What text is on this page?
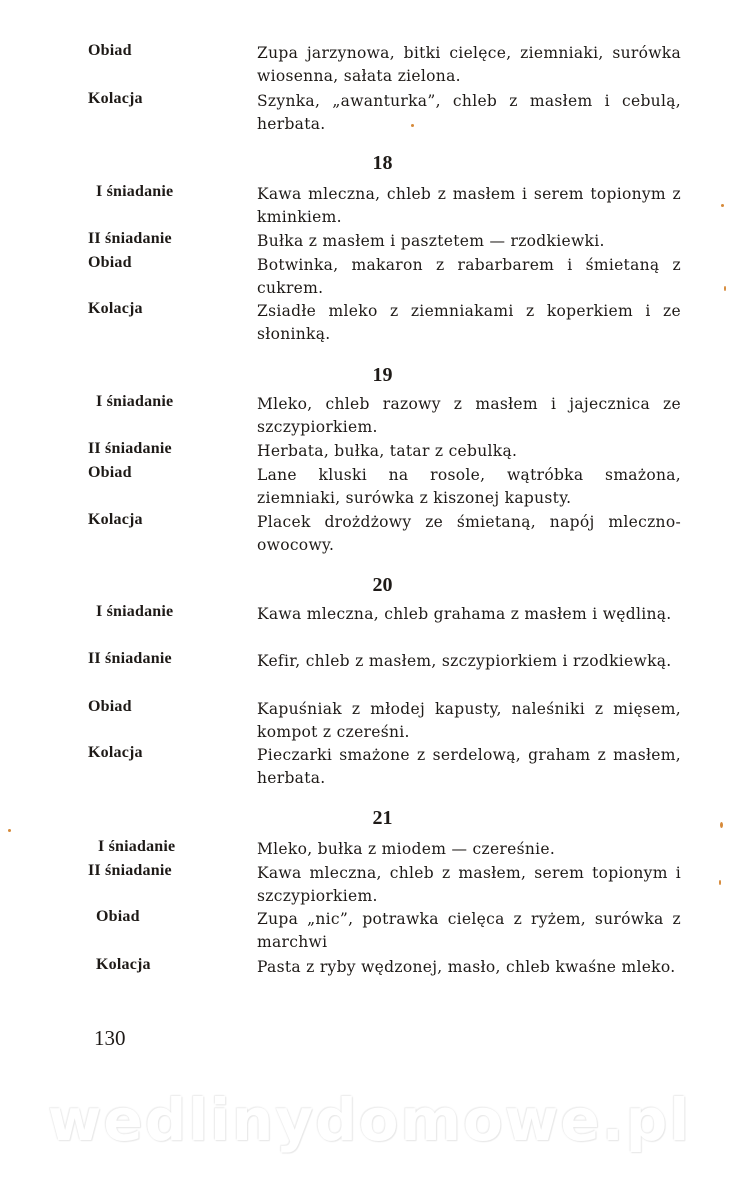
Obiad	Zupa jarzynowa, bitki cielęce, ziemniaki, surówka wiosenna, sałata zielona.
Kolacja	Szynka, „awanturka”, chleb z masłem i cebulą, herbata.
18
I śniadanie	Kawa mleczna, chleb z masłem i serem topionym z kminkiem.
II śniadanie	Bułka z masłem i pasztetem — rzodkiewki.
Obiad	Botwinka, makaron z rabarbarem i śmietaną z cukrem.
Kolacja	Zsiadłe mleko z ziemniakami z koperkiem i ze słoninką.
19
I śniadanie	Mleko, chleb razowy z masłem i jajecznica ze szczypiorkiem.
II śniadanie	Herbata, bułka, tatar z cebulką.
Obiad	Lane kluski na rosole, wątróbka smażona, ziemniaki, surówka z kiszonej kapusty.
Kolacja	Placek drożdżowy ze śmietaną, napój mleczno-owocowy.
20
I śniadanie	Kawa mleczna, chleb grahama z masłem i wędliną.
II śniadanie	Kefir, chleb z masłem, szczypiorkiem i rzodkiewką.
Obiad	Kapuśniak z młodej kapusty, naleśniki z mięsem, kompot z czereśni.
Kolacja	Pieczarki smażone z serdelową, graham z masłem, herbata.
21
I śniadanie	Mleko, bułka z miodem — czereśnie.
II śniadanie	Kawa mleczna, chleb z masłem, serem topionym i szczypiorkiem.
Obiad	Zupa „nic”, potrawka cielęca z ryżem, surówka z marchwi
Kolacja	Pasta z ryby wędzonej, masło, chleb kwaśne mleko.
130
wedlinydomowe.pl
